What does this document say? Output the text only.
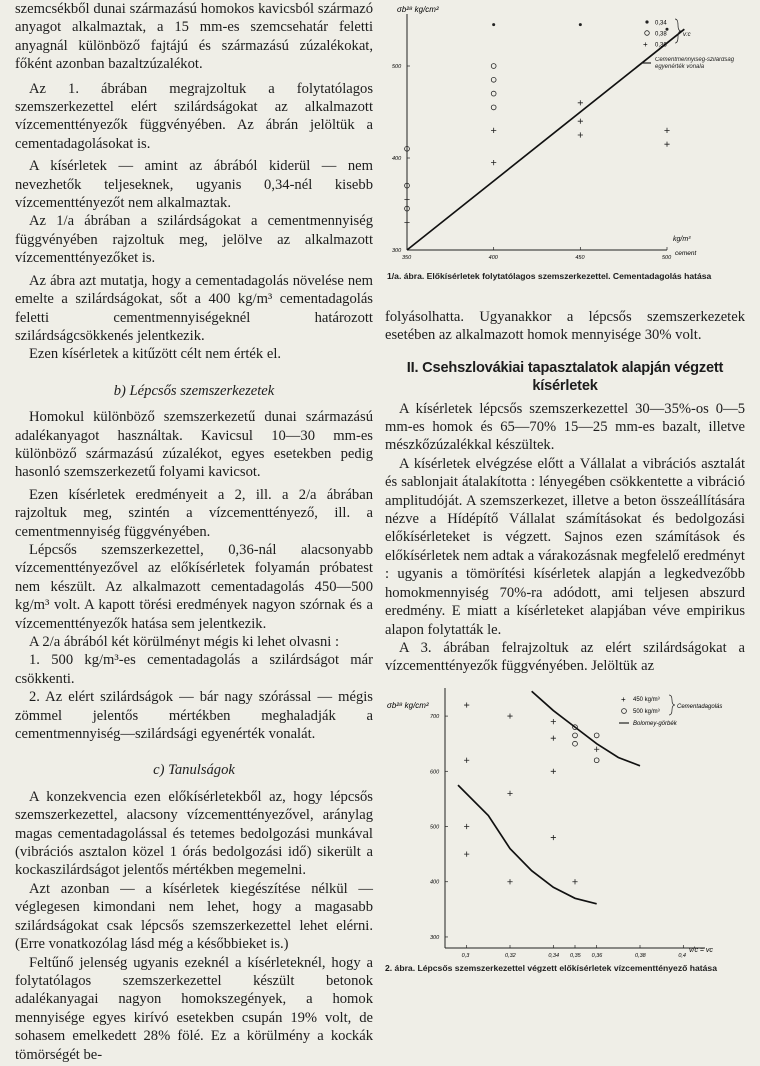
szemcsékből dunai származású homokos kavicsból származó anyagot alkalmaztak, a 15 mm-es szemcsehatár feletti anyagnál különböző fajtájú és származású zúzalékokat, főként azonban bazaltzúzalékot.

Az 1. ábrában megrajzoltuk a folytatólagos szemszerkezettel elért szilárdságokat az alkalmazott vízcementtényezők függvényében. Az ábrán jelöltük a cementadagolásokat is.

A kísérletek — amint az ábrából kiderül — nem nevezhetők teljeseknek, ugyanis 0,34-nél kisebb vízcementtényezőt nem alkalmaztak.

Az 1/a ábrában a szilárdságokat a cementmennyiség függvényében rajzoltuk meg, jelölve az alkalmazott vízcementtényezőket is.

Az ábra azt mutatja, hogy a cementadagolás növelése nem emelte a szilárdságokat, sőt a 400 kg/m³ cementadagolás feletti cementmennyiségeknél határozott szilárdságcsökkenés jelentkezik.

Ezen kísérletek a kitűzött célt nem érték el.

b) Lépcsős szemszerkezetek

Homokul különböző szemszerkezetű dunai származású adalékanyagot használtak. Kavicsul 10—30 mm-es különböző származású zúzalékot, egyes esetekben pedig hasonló szemszerkezetű folyami kavicsot.

Ezen kísérletek eredményeit a 2, ill. a 2/a ábrában rajzoltuk meg, szintén a vízcementtényező, ill. a cementmennyiség függvényében.

Lépcsős szemszerkezettel, 0,36-nál alacsonyabb vízcementtényezővel az előkísérletek folyamán próbatest nem készült. Az alkalmazott cementadagolás 450—500 kg/m³ volt. A kapott törési eredmények nagyon szórnak és a vízcementtényezők hatása sem jelentkezik.

A 2/a ábrából két körülményt mégis ki lehet olvasni :

1. 500 kg/m³-es cementadagolás a szilárdságot már csökkenti.

2. Az elért szilárdságok — bár nagy szórással — mégis zömmel jelentős mértékben meghaladják a cementmennyiség—szilárdsági egyenérték vonalát.

c) Tanulságok

A konzekvencia ezen előkísérletekből az, hogy lépcsős szemszerkezettel, alacsony vízcementtényezővel, aránylag magas cementadagolással és tetemes bedolgozási munkával (vibrációs asztalon közel 1 órás bedolgozási idő) sikerült a kockaszilárdságot jelentős mértékben megemelni.

Azt azonban — a kísérletek kiegészítése nélkül — véglegesen kimondani nem lehet, hogy a magasabb szilárdságokat csak lépcsős szemszerkezettel lehet elérni. (Erre vonatkozólag lásd még a későbbieket is.)

Feltűnő jelenség ugyanis ezeknél a kísérleteknél, hogy a folytatólagos szemszerkezettel készült betonok adalékanyagai nagyon homokszegények, a homok mennyisége egyes kirívó esetekben csupán 19% volt, de sohasem emelkedett 28% fölé. Ez a körülmény a kockák tömörségét be-

350	400	450	500
500
400
300
σb²⁸ kg/cm²
kg/m³
cement
0,34
0,38
+ 0,36
v:c
Cementmennyiség-szilárdság egyenérték vonala
1/a. ábra. Előkísérletek folytatólagos szemszerkezettel. Cementadagolás hatása

folyásolhatta. Ugyanakkor a lépcsős szemszerkezetek esetében az alkalmazott homok mennyisége 30% volt.

II. Csehszlovákiai tapasztalatok alapján végzett kísérletek

A kísérletek lépcsős szemszerkezettel 30—35%-os 0—5 mm-es homok és 65—70% 15—25 mm-es bazalt, illetve mészkőzúzalékkal készültek.

A kísérletek elvégzése előtt a Vállalat a vibrációs asztalát és sablonjait átalakította : lényegében csökkentette a vibráció amplitudóját. A szemszerkezet, illetve a beton összeállítására nézve a Hídépítő Vállalat számításokat és bedolgozási előkísérleteket is végzett. Sajnos ezen számítások és előkísérletek nem adtak a várakozásnak megfelelő eredményt : ugyanis a tömörítési kísérletek alapján a legkedvezőbb homokmennyiség 70%-ra adódott, ami teljesen abszurd eredmény. E miatt a kísérleteket alapjában véve empirikus alapon folytatták le.

A 3. ábrában felrajzoltuk az elért szilárdságokat a vízcementtényezők függvényében. Jelöltük az

0,3	0,32	0,34 0,35 0,36	0,38	0,4
700
600
500
400
300
σb²⁸ kg/cm²
v/c = vc
+ 450 kg/m³
500 kg/m³
Cementadagolás
Bolomey-görbék
2. ábra. Lépcsős szemszerkezettel végzett előkísérletek vízcementtényező hatása
